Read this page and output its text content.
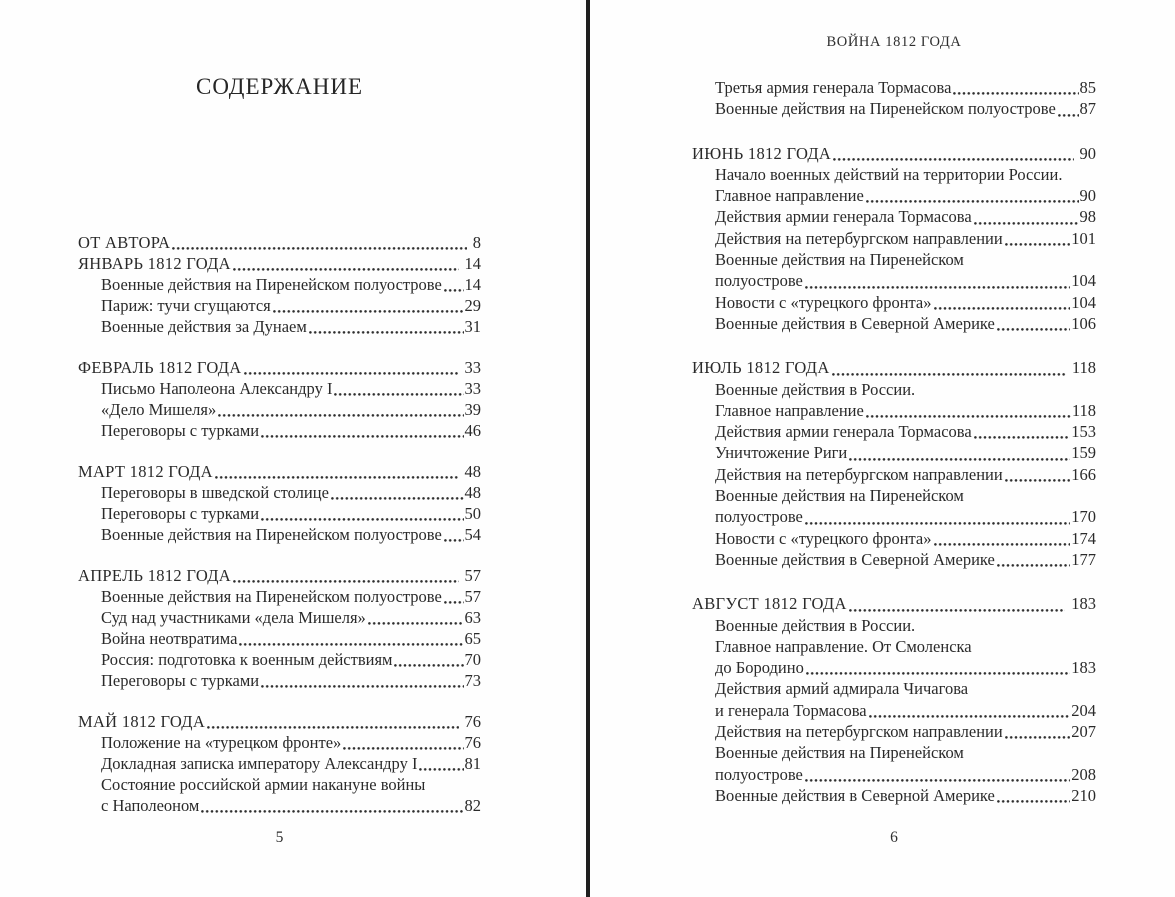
СОДЕРЖАНИЕ
ОТ АВТОРА	8
ЯНВАРЬ 1812 ГОДА	14
Военные действия на Пиренейском полуострове 14
Париж: тучи сгущаются	29
Военные действия за Дунаем	31
ФЕВРАЛЬ 1812 ГОДА	33
Письмо Наполеона Александру I	33
«Дело Мишеля»	39
Переговоры с турками	46
МАРТ 1812 ГОДА	48
Переговоры в шведской столице	48
Переговоры с турками	50
Военные действия на Пиренейском полуострове 54
АПРЕЛЬ 1812 ГОДА	57
Военные действия на Пиренейском полуострове 57
Суд над участниками «дела Мишеля»	63
Война неотвратима	65
Россия: подготовка к военным действиям	70
Переговоры с турками	73
МАЙ 1812 ГОДА	76
Положение на «турецком фронте»	76
Докладная записка императору Александру I	81
Состояние российской армии накануне войны
с Наполеоном	82
5
ВОЙНА 1812 ГОДА
Третья армия генерала Тормасова	85
Военные действия на Пиренейском полуострове 87
ИЮНЬ 1812 ГОДА	90
Начало военных действий на территории России.
Главное направление	90
Действия армии генерала Тормасова	98
Действия на петербургском направлении	101
Военные действия на Пиренейском
полуострове	104
Новости с «турецкого фронта»	104
Военные действия в Северной Америке	106
ИЮЛЬ 1812 ГОДА	118
Военные действия в России.
Главное направление	118
Действия армии генерала Тормасова	153
Уничтожение Риги	159
Действия на петербургском направлении	166
Военные действия на Пиренейском
полуострове	170
Новости с «турецкого фронта»	174
Военные действия в Северной Америке	177
АВГУСТ 1812 ГОДА	183
Военные действия в России.
Главное направление. От Смоленска
до Бородино	183
Действия армий адмирала Чичагова
и генерала Тормасова	204
Действия на петербургском направлении	207
Военные действия на Пиренейском
полуострове	208
Военные действия в Северной Америке	210
6
